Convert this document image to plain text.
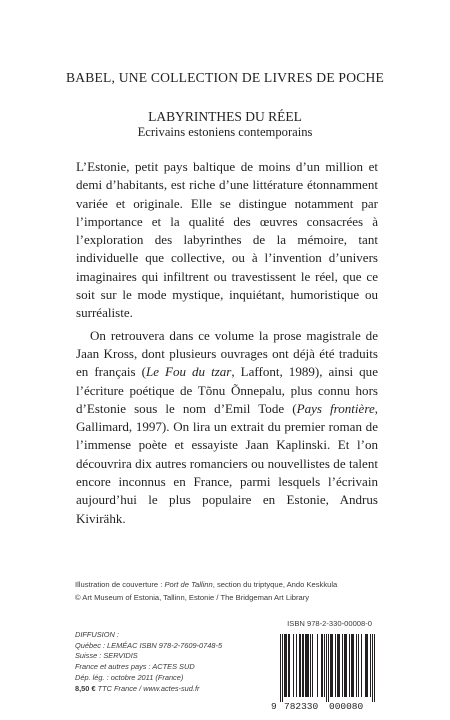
BABEL, UNE COLLECTION DE LIVRES DE POCHE
LABYRINTHES DU RÉEL
Ecrivains estoniens contemporains

L’Estonie, petit pays baltique de moins d’un million et demi d’habitants, est riche d’une littérature étonnamment variée et originale. Elle se distingue notamment par l’importance et la qualité des œuvres consacrées à l’exploration des labyrinthes de la mémoire, tant individuelle que collective, ou à l’invention d’univers imaginaires qui infiltrent ou travestissent le réel, que ce soit sur le mode mystique, inquiétant, humoristique ou surréaliste.

On retrouvera dans ce volume la prose magistrale de Jaan Kross, dont plusieurs ouvrages ont déjà été traduits en français (Le Fou du tzar, Laffont, 1989), ainsi que l’écriture poétique de Tõnu Õnnepalu, plus connu hors d’Estonie sous le nom d’Emil Tode (Pays frontière, Gallimard, 1997). On lira un extrait du premier roman de l’immense poète et essayiste Jaan Kaplinski. Et l’on découvrira dix autres romanciers ou nouvellistes de talent encore inconnus en France, parmi lesquels l’écrivain aujourd’hui le plus populaire en Estonie, Andrus Kivirähk.

Illustration de couverture : Port de Tallinn, section du triptyque, Ando Keskkula
© Art Museum of Estonia, Tallinn, Estonie / The Bridgeman Art Library
ISBN 978-2-330-00008-0
DIFFUSION :
Québec : LEMÉAC ISBN 978-2-7609-0748-5
Suisse : SERVIDIS
France et autres pays : ACTES SUD
Dép. lég. : octobre 2011 (France)
8,50 € TTC France / www.actes-sud.fr
9 782330 000080
